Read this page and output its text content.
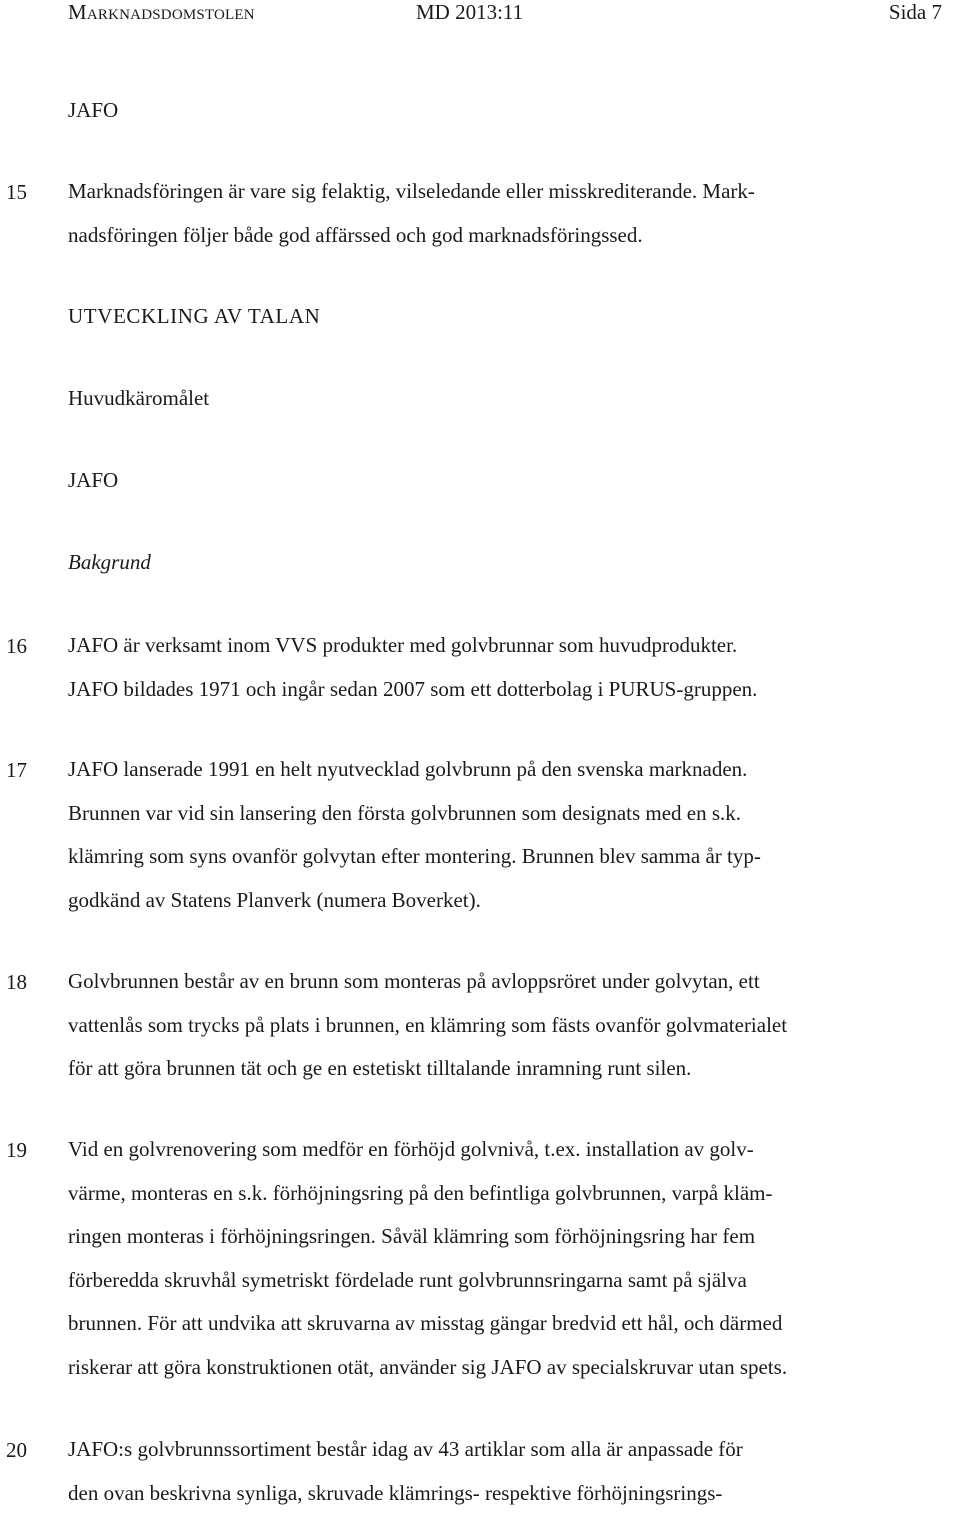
Marknadsdomstolen	MD 2013:11	Sida 7
JAFO
15	Marknadsföringen är vare sig felaktig, vilseledande eller misskrediterande. Mark-
nadsföringen följer både god affärssed och god marknadsföringssed.
UTVECKLING AV TALAN
Huvudkäromålet
JAFO
Bakgrund
16	JAFO är verksamt inom VVS produkter med golvbrunnar som huvudprodukter.
JAFO bildades 1971 och ingår sedan 2007 som ett dotterbolag i PURUS-gruppen.
17	JAFO lanserade 1991 en helt nyutvecklad golvbrunn på den svenska marknaden.
Brunnen var vid sin lansering den första golvbrunnen som designats med en s.k.
klämring som syns ovanför golvytan efter montering. Brunnen blev samma år typ-
godkänd av Statens Planverk (numera Boverket).
18	Golvbrunnen består av en brunn som monteras på avloppsröret under golvytan, ett
vattenlås som trycks på plats i brunnen, en klämring som fästs ovanför golvmaterialet
för att göra brunnen tät och ge en estetiskt tilltalande inramning runt silen.
19	Vid en golvrenovering som medför en förhöjd golvnivå, t.ex. installation av golv-
värme, monteras en s.k. förhöjningsring på den befintliga golvbrunnen, varpå kläm-
ringen monteras i förhöjningsringen. Såväl klämring som förhöjningsring har fem
förberedda skruvhål symetriskt fördelade runt golvbrunnsringarna samt på själva
brunnen. För att undvika att skruvarna av misstag gängar bredvid ett hål, och därmed
riskerar att göra konstruktionen otät, använder sig JAFO av specialskruvar utan spets.
20	JAFO:s golvbrunnssortiment består idag av 43 artiklar som alla är anpassade för
den ovan beskrivna synliga, skruvade klämrings- respektive förhöjningsrings-
